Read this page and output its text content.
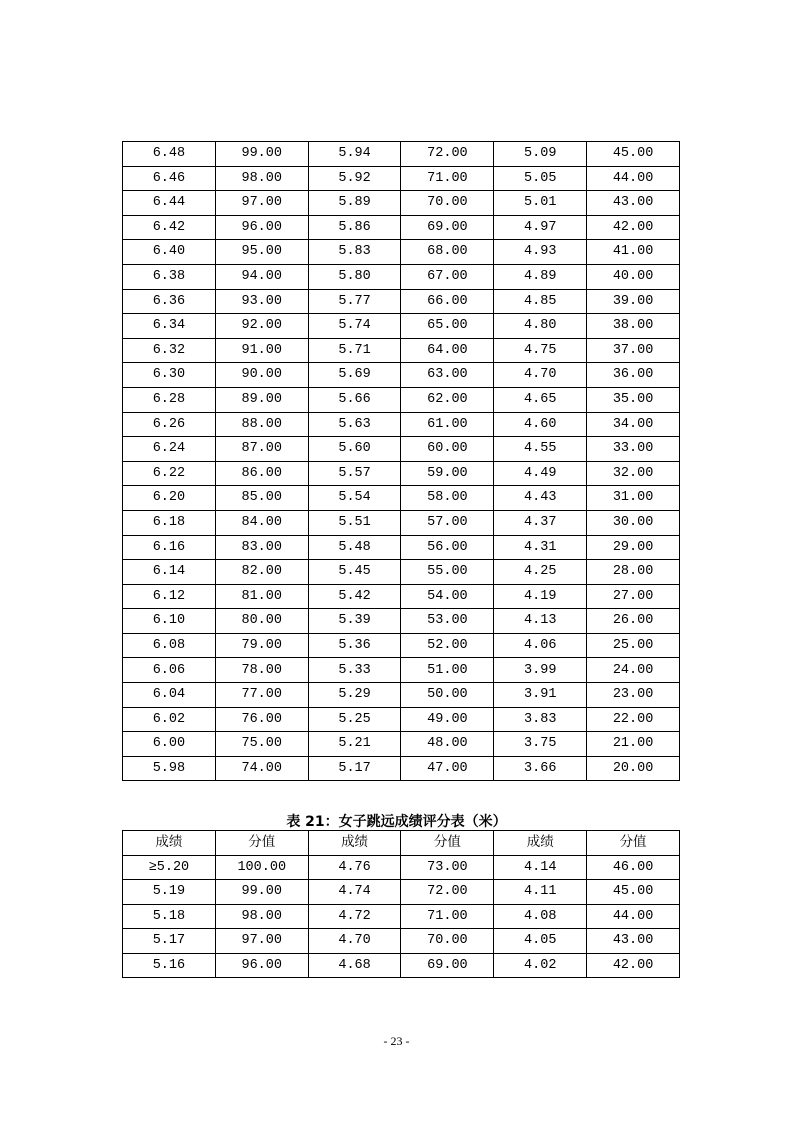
6.48	99.00	5.94	72.00	5.09	45.00
6.46	98.00	5.92	71.00	5.05	44.00
6.44	97.00	5.89	70.00	5.01	43.00
6.42	96.00	5.86	69.00	4.97	42.00
6.40	95.00	5.83	68.00	4.93	41.00
6.38	94.00	5.80	67.00	4.89	40.00
6.36	93.00	5.77	66.00	4.85	39.00
6.34	92.00	5.74	65.00	4.80	38.00
6.32	91.00	5.71	64.00	4.75	37.00
6.30	90.00	5.69	63.00	4.70	36.00
6.28	89.00	5.66	62.00	4.65	35.00
6.26	88.00	5.63	61.00	4.60	34.00
6.24	87.00	5.60	60.00	4.55	33.00
6.22	86.00	5.57	59.00	4.49	32.00
6.20	85.00	5.54	58.00	4.43	31.00
6.18	84.00	5.51	57.00	4.37	30.00
6.16	83.00	5.48	56.00	4.31	29.00
6.14	82.00	5.45	55.00	4.25	28.00
6.12	81.00	5.42	54.00	4.19	27.00
6.10	80.00	5.39	53.00	4.13	26.00
6.08	79.00	5.36	52.00	4.06	25.00
6.06	78.00	5.33	51.00	3.99	24.00
6.04	77.00	5.29	50.00	3.91	23.00
6.02	76.00	5.25	49.00	3.83	22.00
6.00	75.00	5.21	48.00	3.75	21.00
5.98	74.00	5.17	47.00	3.66	20.00
表 21：女子跳远成绩评分表（米）
成绩	分值	成绩	分值	成绩	分值
≥5.20	100.00	4.76	73.00	4.14	46.00
5.19	99.00	4.74	72.00	4.11	45.00
5.18	98.00	4.72	71.00	4.08	44.00
5.17	97.00	4.70	70.00	4.05	43.00
5.16	96.00	4.68	69.00	4.02	42.00
- 23 -
